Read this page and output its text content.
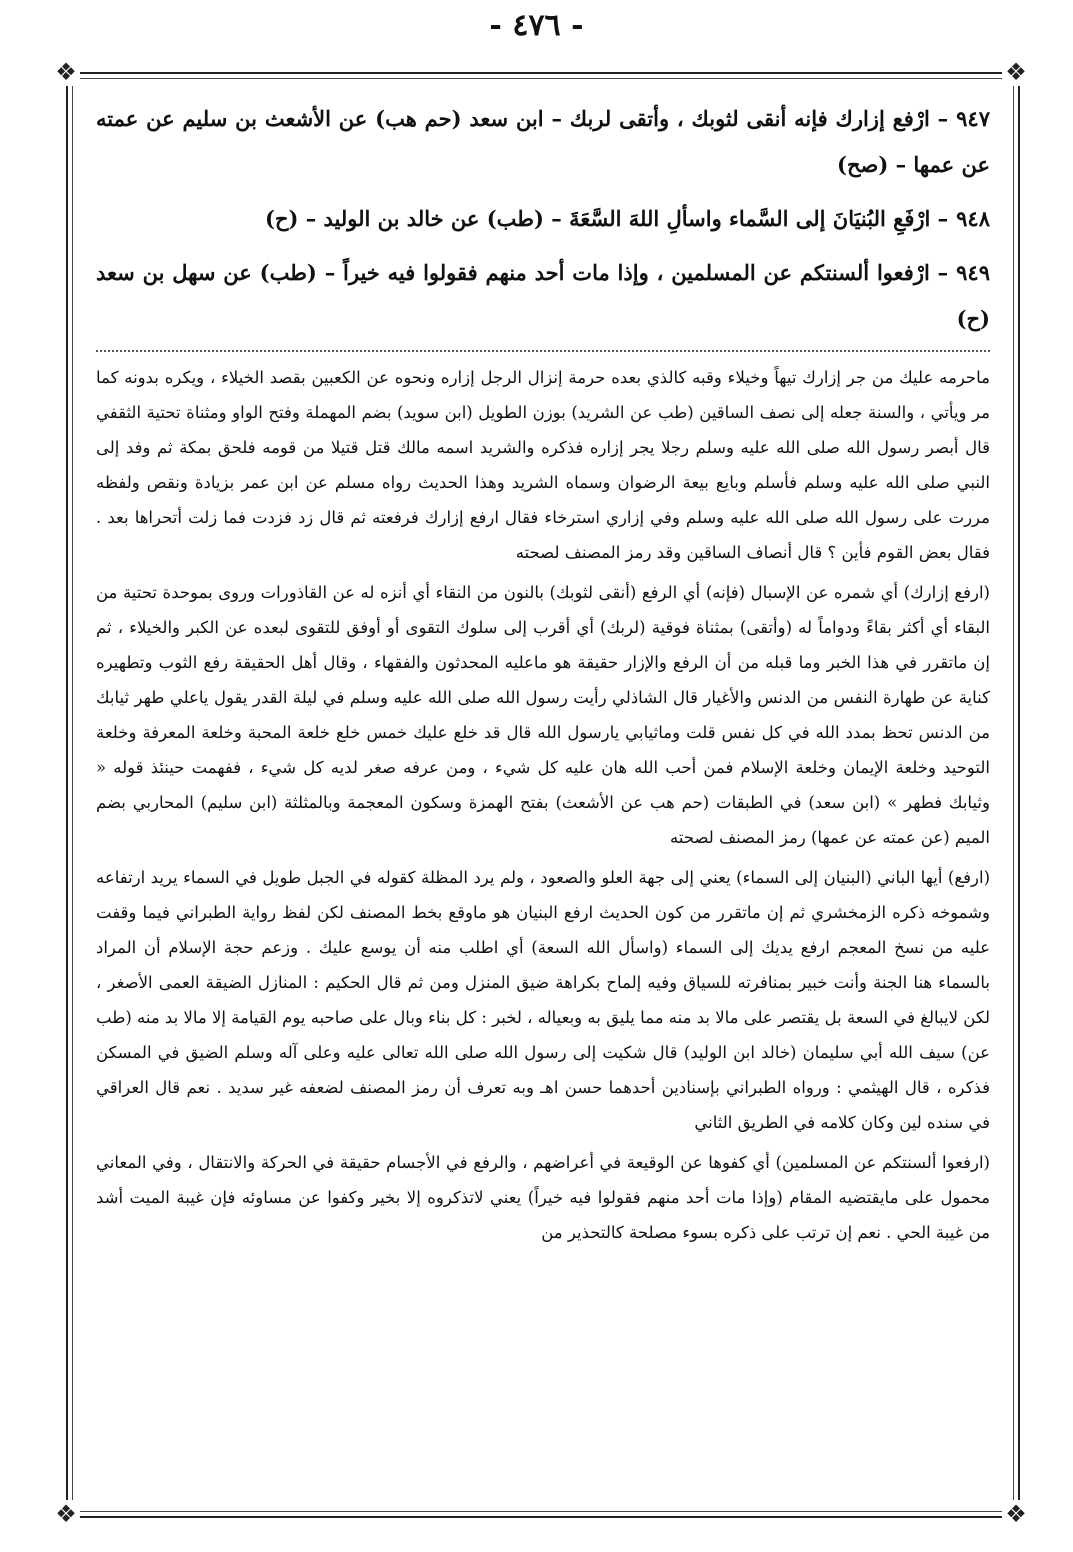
- ٤٧٦ -
❖	❖
❖	❖

٩٤٧– ارْفع إزارك فإنه أنقى لثوبك ، وأتقى لربك – ابن سعد (حم هب) عن الأشعث بن سليم عن عمته عن عمها – (صح)

٩٤٨– ارْفَعِ البُنيَانَ إلى السَّماء واسألِ اللهَ السَّعَةَ – (طب) عن خالد بن الوليد – (ح)

٩٤٩– ارْفعوا ألسنتكم عن المسلمين ، وإذا مات أحد منهم فقولوا فيه خيراً – (طب) عن سهل بن سعد (ح)

ماحرمه عليك من جر إزارك تيهاً وخيلاء وقبه كالذي بعده حرمة إنزال الرجل إزاره ونحوه عن الكعبين بقصد الخيلاء ، ويكره بدونه كما مر ويأتي ، والسنة جعله إلى نصف الساقين (طب عن الشريد) بوزن الطويل (ابن سويد) بضم المهملة وفتح الواو ومثناة تحتية الثقفي قال أبصر رسول الله صلى الله عليه وسلم رجلا يجر إزاره فذكره والشريد اسمه مالك قتل قتيلا من قومه فلحق بمكة ثم وفد إلى النبي صلى الله عليه وسلم فأسلم وبايع بيعة الرضوان وسماه الشريد وهذا الحديث رواه مسلم عن ابن عمر بزيادة ونقص ولفظه مررت على رسول الله صلى الله عليه وسلم وفي إزاري استرخاء فقال ارفع إزارك فرفعته ثم قال زد فزدت فما زلت أتحراها بعد . فقال بعض القوم فأين ؟ قال أنصاف الساقين وقد رمز المصنف لصحته

(ارفع إزارك) أي شمره عن الإسبال (فإنه) أي الرفع (أنقى لثوبك) بالنون من النقاء أي أنزه له عن القاذورات وروى بموحدة تحتية من البقاء أي أكثر بقاءً ودواماً له (وأتقى) بمثناة فوقية (لربك) أي أقرب إلى سلوك التقوى أو أوفق للتقوى لبعده عن الكبر والخيلاء ، ثم إن ماتقرر في هذا الخبر وما قبله من أن الرفع والإزار حقيقة هو ماعليه المحدثون والفقهاء ، وقال أهل الحقيقة رفع الثوب وتطهيره كناية عن طهارة النفس من الدنس والأغيار قال الشاذلي رأيت رسول الله صلى الله عليه وسلم في ليلة القدر يقول ياعلي طهر ثيابك من الدنس تحظ بمدد الله في كل نفس قلت وماثيابي يارسول الله قال قد خلع عليك خمس خلع خلعة المحبة وخلعة المعرفة وخلعة التوحيد وخلعة الإيمان وخلعة الإسلام فمن أحب الله هان عليه كل شيء ، ومن عرفه صغر لديه كل شيء ، ففهمت حينئذ قوله « وثيابك فطهر » (ابن سعد) في الطبقات (حم هب عن الأشعث) بفتح الهمزة وسكون المعجمة وبالمثلثة (ابن سليم) المحاربي بضم الميم (عن عمته عن عمها) رمز المصنف لصحته

(ارفع) أيها الباني (البنيان إلى السماء) يعني إلى جهة العلو والصعود ، ولم يرد المظلة كقوله في الجبل طويل في السماء يريد ارتفاعه وشموخه ذكره الزمخشري ثم إن ماتقرر من كون الحديث ارفع البنيان هو ماوقع بخط المصنف لكن لفظ رواية الطبراني فيما وقفت عليه من نسخ المعجم ارفع يديك إلى السماء (واسأل الله السعة) أي اطلب منه أن يوسع عليك . وزعم حجة الإسلام أن المراد بالسماء هنا الجنة وأنت خبير بمنافرته للسياق وفيه إلماح بكراهة ضيق المنزل ومن ثم قال الحكيم : المنازل الضيقة العمى الأصغر ، لكن لايبالغ في السعة بل يقتصر على مالا بد منه مما يليق به وبعياله ، لخبر : كل بناء وبال على صاحبه يوم القيامة إلا مالا بد منه (طب عن) سيف الله أبي سليمان (خالد ابن الوليد) قال شكيت إلى رسول الله صلى الله تعالى عليه وعلى آله وسلم الضيق في المسكن فذكره ، قال الهيثمي : ورواه الطبراني بإسنادين أحدهما حسن اهـ وبه تعرف أن رمز المصنف لضعفه غير سديد . نعم قال العراقي في سنده لين وكان كلامه في الطريق الثاني

(ارفعوا ألسنتكم عن المسلمين) أي كفوها عن الوقيعة في أعراضهم ، والرفع في الأجسام حقيقة في الحركة والانتقال ، وفي المعاني محمول على مايقتضيه المقام (وإذا مات أحد منهم فقولوا فيه خيراً) يعني لاتذكروه إلا بخير وكفوا عن مساوئه فإن غيبة الميت أشد من غيبة الحي . نعم إن ترتب على ذكره بسوء مصلحة كالتحذير من
